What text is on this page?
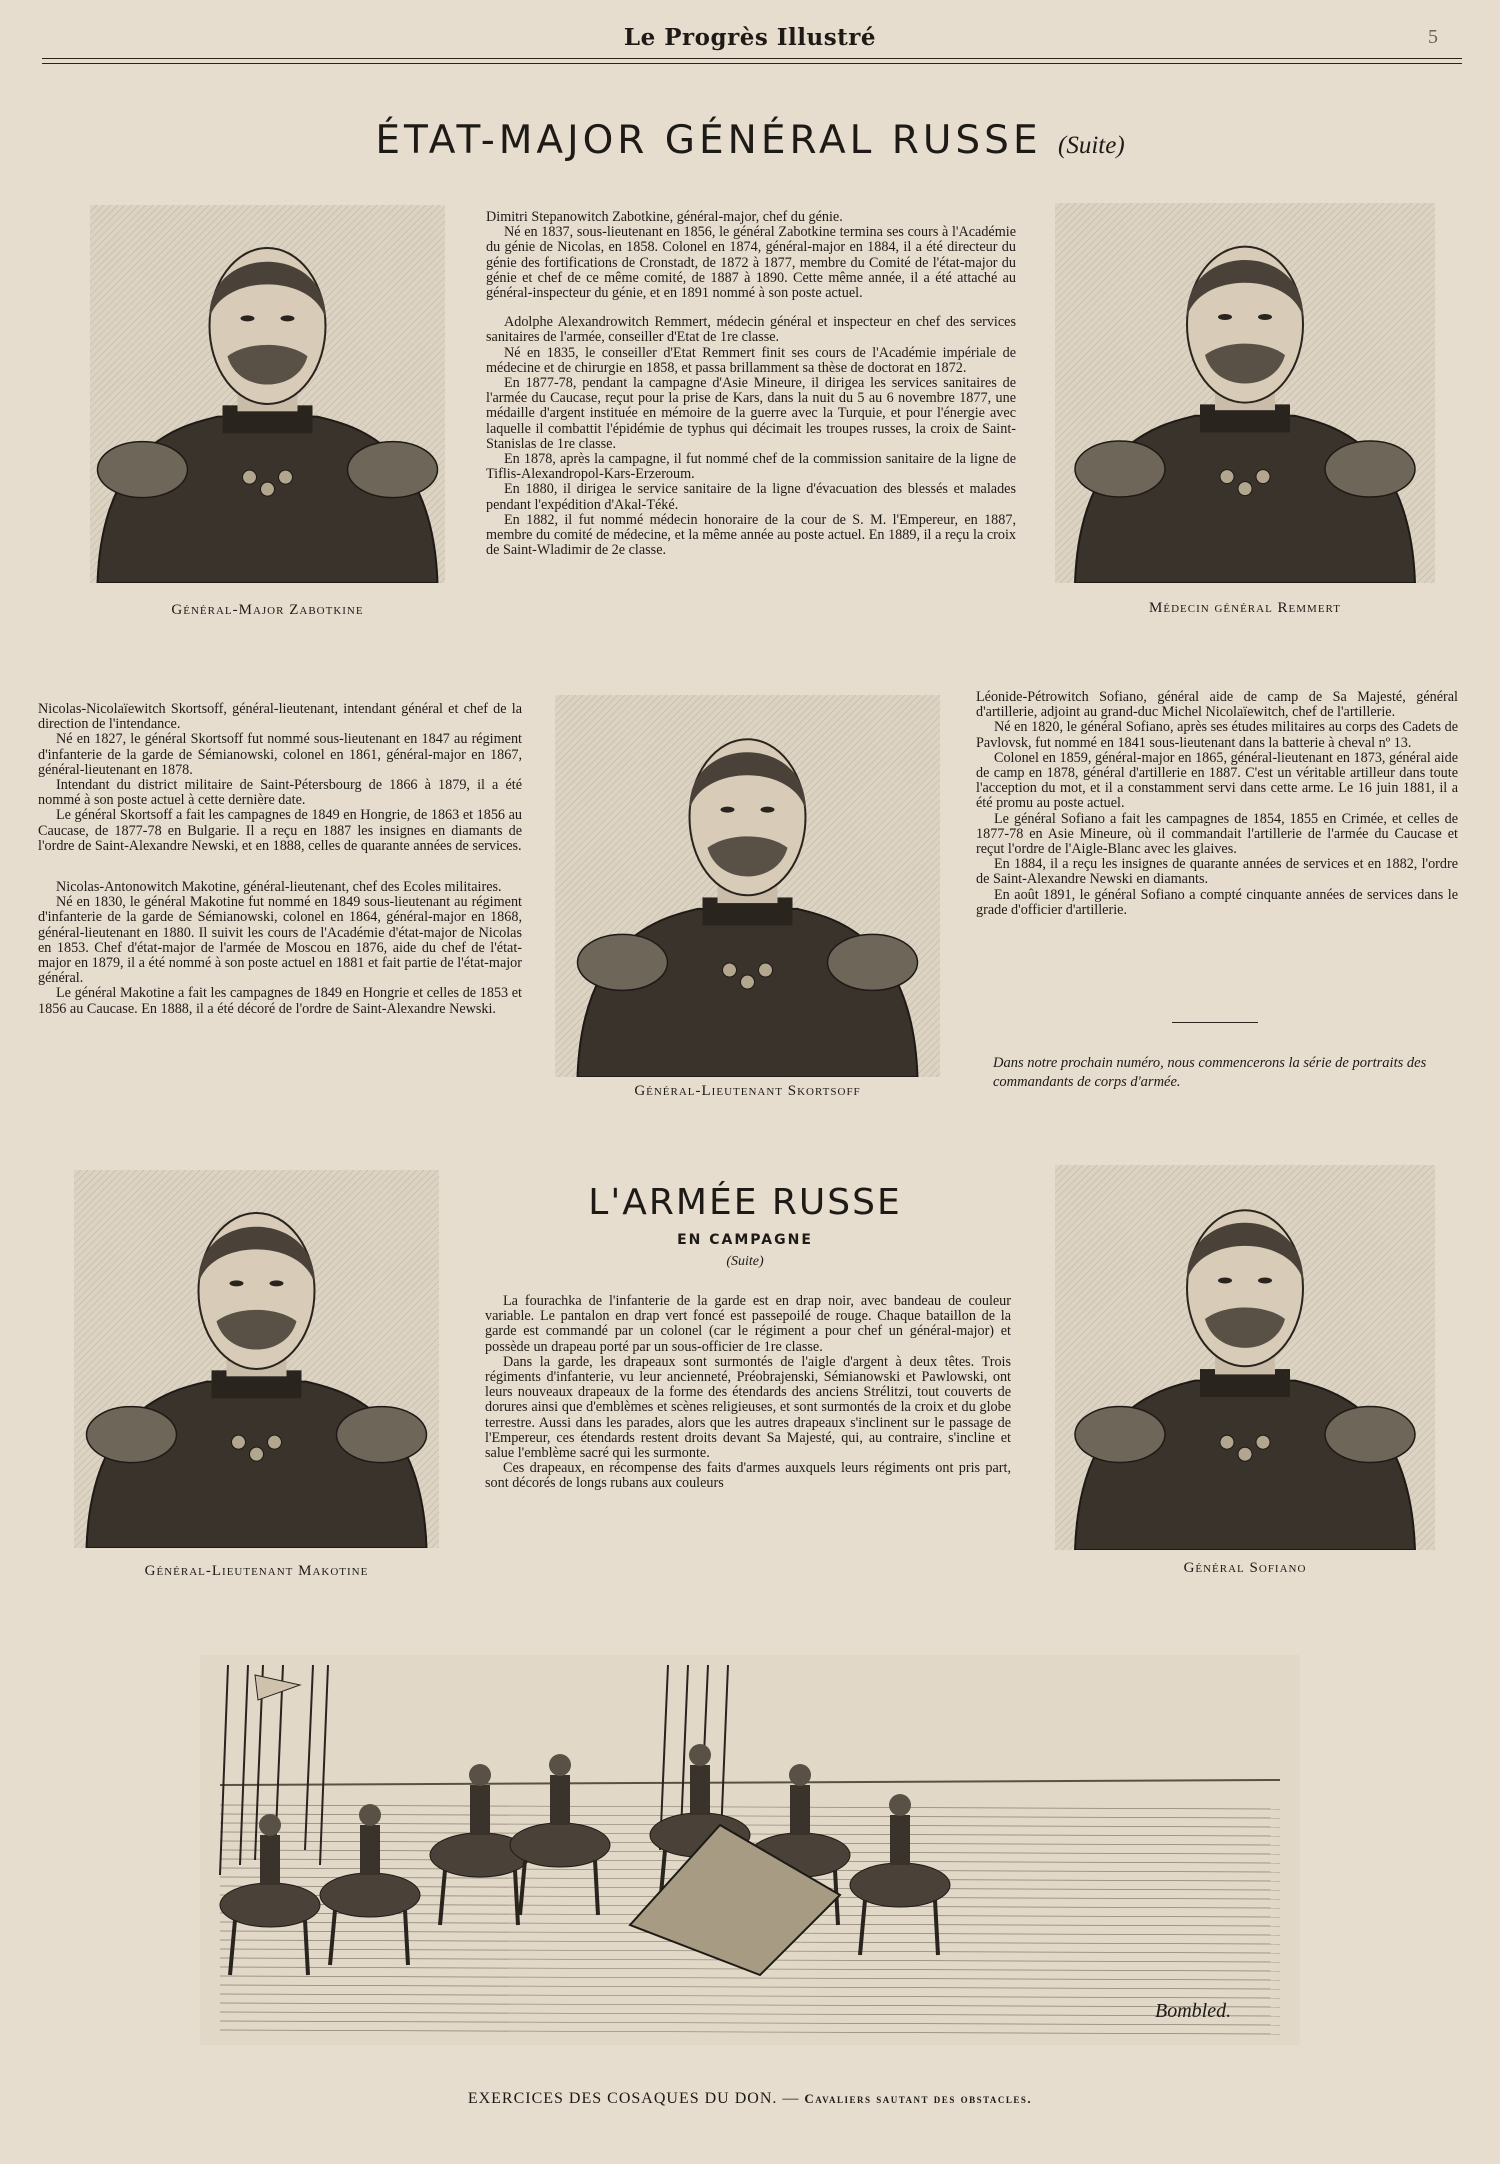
Le Progrès Illustré	5
ÉTAT-MAJOR GÉNÉRAL RUSSE (Suite)
Général-Major Zabotkine

Dimitri Stepanowitch Zabotkine, général-major, chef du génie.

Né en 1837, sous-lieutenant en 1856, le général Zabotkine termina ses cours à l'Académie du génie de Nicolas, en 1858. Colonel en 1874, général-major en 1884, il a été directeur du génie des fortifications de Cronstadt, de 1872 à 1877, membre du Comité de l'état-major du génie et chef de ce même comité, de 1887 à 1890. Cette même année, il a été attaché au général-inspecteur du génie, et en 1891 nommé à son poste actuel.

Adolphe Alexandrowitch Remmert, médecin général et inspecteur en chef des services sanitaires de l'armée, conseiller d'Etat de 1re classe.

Né en 1835, le conseiller d'Etat Remmert finit ses cours de l'Académie impériale de médecine et de chirurgie en 1858, et passa brillamment sa thèse de doctorat en 1872.

En 1877-78, pendant la campagne d'Asie Mineure, il dirigea les services sanitaires de l'armée du Caucase, reçut pour la prise de Kars, dans la nuit du 5 au 6 novembre 1877, une médaille d'argent instituée en mémoire de la guerre avec la Turquie, et pour l'énergie avec laquelle il combattit l'épidémie de typhus qui décimait les troupes russes, la croix de Saint-Stanislas de 1re classe.

En 1878, après la campagne, il fut nommé chef de la commission sanitaire de la ligne de Tiflis-Alexandropol-Kars-Erzeroum.

En 1880, il dirigea le service sanitaire de la ligne d'évacuation des blessés et malades pendant l'expédition d'Akal-Téké.

En 1882, il fut nommé médecin honoraire de la cour de S. M. l'Empereur, en 1887, membre du comité de médecine, et la même année au poste actuel. En 1889, il a reçu la croix de Saint-Wladimir de 2e classe.

Médecin général Remmert

Nicolas-Nicolaïewitch Skortsoff, général-lieutenant, intendant général et chef de la direction de l'intendance.

Né en 1827, le général Skortsoff fut nommé sous-lieutenant en 1847 au régiment d'infanterie de la garde de Sémianowski, colonel en 1861, général-major en 1867, général-lieutenant en 1878.

Intendant du district militaire de Saint-Pétersbourg de 1866 à 1879, il a été nommé à son poste actuel à cette dernière date.

Le général Skortsoff a fait les campagnes de 1849 en Hongrie, de 1863 et 1856 au Caucase, de 1877-78 en Bulgarie. Il a reçu en 1887 les insignes en diamants de l'ordre de Saint-Alexandre Newski, et en 1888, celles de quarante années de services.

Nicolas-Antonowitch Makotine, général-lieutenant, chef des Ecoles militaires.

Né en 1830, le général Makotine fut nommé en 1849 sous-lieutenant au régiment d'infanterie de la garde de Sémianowski, colonel en 1864, général-major en 1868, général-lieutenant en 1880. Il suivit les cours de l'Académie d'état-major de Nicolas en 1853. Chef d'état-major de l'armée de Moscou en 1876, aide du chef de l'état-major en 1879, il a été nommé à son poste actuel en 1881 et fait partie de l'état-major général.

Le général Makotine a fait les campagnes de 1849 en Hongrie et celles de 1853 et 1856 au Caucase. En 1888, il a été décoré de l'ordre de Saint-Alexandre Newski.

Général-Lieutenant Skortsoff

Léonide-Pétrowitch Sofiano, général aide de camp de Sa Majesté, général d'artillerie, adjoint au grand-duc Michel Nicolaïewitch, chef de l'artillerie.

Né en 1820, le général Sofiano, après ses études militaires au corps des Cadets de Pavlovsk, fut nommé en 1841 sous-lieutenant dans la batterie à cheval nº 13.

Colonel en 1859, général-major en 1865, général-lieutenant en 1873, général aide de camp en 1878, général d'artillerie en 1887. C'est un véritable artilleur dans toute l'acception du mot, et il a constamment servi dans cette arme. Le 16 juin 1881, il a été promu au poste actuel.

Le général Sofiano a fait les campagnes de 1854, 1855 en Crimée, et celles de 1877-78 en Asie Mineure, où il commandait l'artillerie de l'armée du Caucase et reçut l'ordre de l'Aigle-Blanc avec les glaives.

En 1884, il a reçu les insignes de quarante années de services et en 1882, l'ordre de Saint-Alexandre Newski en diamants.

En août 1891, le général Sofiano a compté cinquante années de services dans le grade d'officier d'artillerie.

Dans notre prochain numéro, nous commencerons la série de portraits des commandants de corps d'armée.
Général-Lieutenant Makotine
L'ARMÉE RUSSE
EN CAMPAGNE
(Suite)

La fourachka de l'infanterie de la garde est en drap noir, avec bandeau de couleur variable. Le pantalon en drap vert foncé est passepoilé de rouge. Chaque bataillon de la garde est commandé par un colonel (car le régiment a pour chef un général-major) et possède un drapeau porté par un sous-officier de 1re classe.

Dans la garde, les drapeaux sont surmontés de l'aigle d'argent à deux têtes. Trois régiments d'infanterie, vu leur ancienneté, Préobrajenski, Sémianowski et Pawlowski, ont leurs nouveaux drapeaux de la forme des étendards des anciens Strélitzi, tout couverts de dorures ainsi que d'emblèmes et scènes religieuses, et sont surmontés de la croix et du globe terrestre. Aussi dans les parades, alors que les autres drapeaux s'inclinent sur le passage de l'Empereur, ces étendards restent droits devant Sa Majesté, qui, au contraire, s'incline et salue l'emblème sacré qui les surmonte.

Ces drapeaux, en récompense des faits d'armes auxquels leurs régiments ont pris part, sont décorés de longs rubans aux couleurs

Général Sofiano
Bombled.
EXERCICES DES COSAQUES DU DON. — Cavaliers sautant des obstacles.
